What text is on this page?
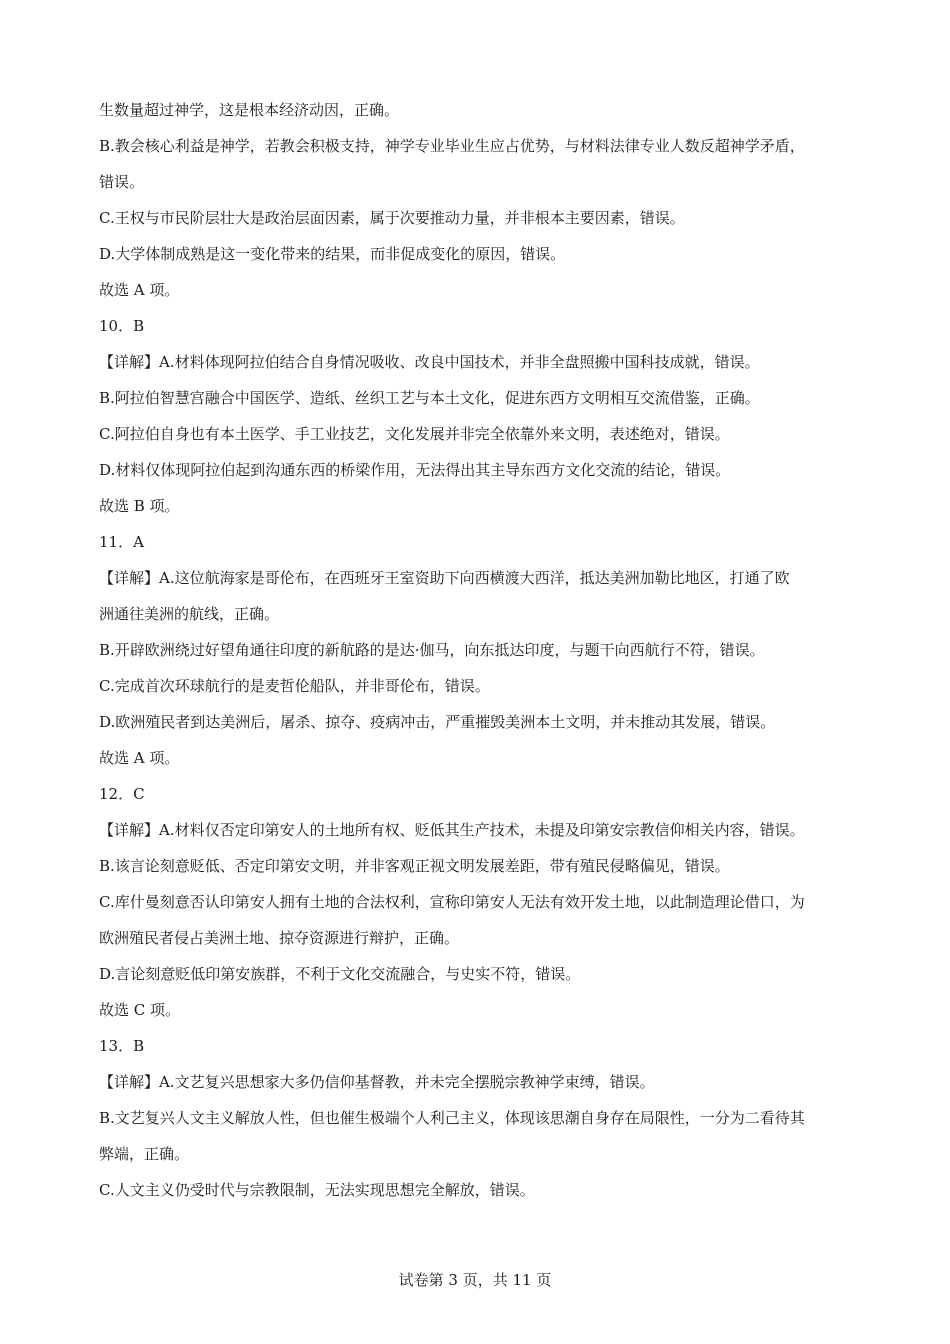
生数量超过神学，这是根本经济动因，正确。
B.教会核心利益是神学，若教会积极支持，神学专业毕业生应占优势，与材料法律专业人数反超神学矛盾，
错误。
C.王权与市民阶层壮大是政治层面因素，属于次要推动力量，并非根本主要因素，错误。
D.大学体制成熟是这一变化带来的结果，而非促成变化的原因，错误。
故选 A 项。
10．B
【详解】A.材料体现阿拉伯结合自身情况吸收、改良中国技术，并非全盘照搬中国科技成就，错误。
B.阿拉伯智慧宫融合中国医学、造纸、丝织工艺与本土文化，促进东西方文明相互交流借鉴，正确。
C.阿拉伯自身也有本土医学、手工业技艺，文化发展并非完全依靠外来文明，表述绝对，错误。
D.材料仅体现阿拉伯起到沟通东西的桥梁作用，无法得出其主导东西方文化交流的结论，错误。
故选 B 项。
11．A
【详解】A.这位航海家是哥伦布，在西班牙王室资助下向西横渡大西洋，抵达美洲加勒比地区，打通了欧
洲通往美洲的航线，正确。
B.开辟欧洲绕过好望角通往印度的新航路的是达·伽马，向东抵达印度，与题干向西航行不符，错误。
C.完成首次环球航行的是麦哲伦船队，并非哥伦布，错误。
D.欧洲殖民者到达美洲后，屠杀、掠夺、疫病冲击，严重摧毁美洲本土文明，并未推动其发展，错误。
故选 A 项。
12．C
【详解】A.材料仅否定印第安人的土地所有权、贬低其生产技术，未提及印第安宗教信仰相关内容，错误。
B.该言论刻意贬低、否定印第安文明，并非客观正视文明发展差距，带有殖民侵略偏见，错误。
C.库什曼刻意否认印第安人拥有土地的合法权利，宣称印第安人无法有效开发土地，以此制造理论借口，为
欧洲殖民者侵占美洲土地、掠夺资源进行辩护，正确。
D.言论刻意贬低印第安族群，不利于文化交流融合，与史实不符，错误。
故选 C 项。
13．B
【详解】A.文艺复兴思想家大多仍信仰基督教，并未完全摆脱宗教神学束缚，错误。
B.文艺复兴人文主义解放人性，但也催生极端个人利己主义，体现该思潮自身存在局限性，一分为二看待其
弊端，正确。
C.人文主义仍受时代与宗教限制，无法实现思想完全解放，错误。
试卷第 3 页，共 11 页
